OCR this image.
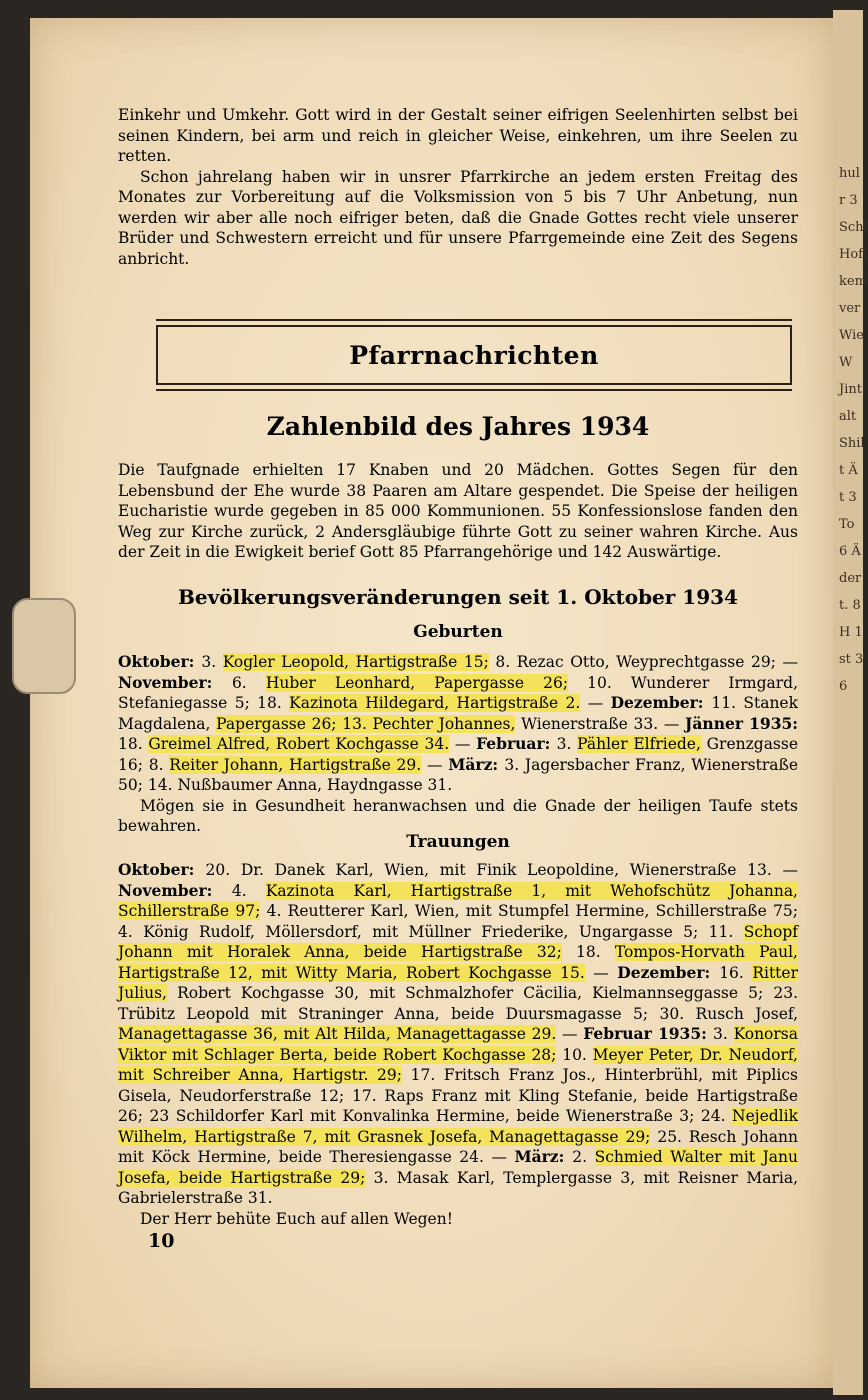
hul
r 3
Schl
Hoff
kem
ver
Wie
W
Jint
alt
Shil
t Ä
t 3
To
6 Ä
der
t. 8
H 1
st 3
6

Einkehr und Umkehr. Gott wird in der Gestalt seiner eifrigen Seelenhirten selbst bei seinen Kindern, bei arm und reich in gleicher Weise, einkehren, um ihre Seelen zu retten.

Schon jahrelang haben wir in unsrer Pfarrkirche an jedem ersten Freitag des Monates zur Vorbereitung auf die Volksmission von 5 bis 7 Uhr Anbetung, nun werden wir aber alle noch eifriger beten, daß die Gnade Gottes recht viele unserer Brüder und Schwestern erreicht und für unsere Pfarrgemeinde eine Zeit des Segens anbricht.

Pfarrnachrichten
Zahlenbild des Jahres 1934
Die Taufgnade erhielten 17 Knaben und 20 Mädchen. Gottes Segen für den Lebensbund der Ehe wurde 38 Paaren am Altare gespendet. Die Speise der heiligen Eucharistie wurde gegeben in 85 000 Kommunionen. 55 Konfessionslose fanden den Weg zur Kirche zurück, 2 Andersgläubige führte Gott zu seiner wahren Kirche. Aus der Zeit in die Ewigkeit berief Gott 85 Pfarrangehörige und 142 Auswärtige.
Bevölkerungsveränderungen seit 1. Oktober 1934
Geburten
Oktober: 3. Kogler Leopold, Hartigstraße 15; 8. Rezac Otto, Weyprechtgasse 29; — November: 6. Huber Leonhard, Papergasse 26; 10. Wunderer Irmgard, Stefaniegasse 5; 18. Kazinota Hildegard, Hartigstraße 2. — Dezember: 11. Stanek Magdalena, Papergasse 26; 13. Pechter Johannes, Wienerstraße 33. — Jänner 1935: 18. Greimel Alfred, Robert Kochgasse 34. — Februar: 3. Pähler Elfriede, Grenzgasse 16; 8. Reiter Johann, Hartigstraße 29. — März: 3. Jagersbacher Franz, Wienerstraße 50; 14. Nußbaumer Anna, Haydngasse 31.

Mögen sie in Gesundheit heranwachsen und die Gnade der heiligen Taufe stets bewahren.

Trauungen
Oktober: 20. Dr. Danek Karl, Wien, mit Finik Leopoldine, Wienerstraße 13. — November: 4. Kazinota Karl, Hartigstraße 1, mit Wehofschütz Johanna, Schillerstraße 97; 4. Reutterer Karl, Wien, mit Stumpfel Hermine, Schillerstraße 75; 4. König Rudolf, Möllersdorf, mit Müllner Friederike, Ungargasse 5; 11. Schopf Johann mit Horalek Anna, beide Hartigstraße 32; 18. Tompos-Horvath Paul, Hartigstraße 12, mit Witty Maria, Robert Kochgasse 15. — Dezember: 16. Ritter Julius, Robert Kochgasse 30, mit Schmalzhofer Cäcilia, Kielmannseggasse 5; 23. Trübitz Leopold mit Straninger Anna, beide Duursmagasse 5; 30. Rusch Josef, Managettagasse 36, mit Alt Hilda, Managettagasse 29. — Februar 1935: 3. Konorsa Viktor mit Schlager Berta, beide Robert Kochgasse 28; 10. Meyer Peter, Dr. Neudorf, mit Schreiber Anna, Hartigstr. 29; 17. Fritsch Franz Jos., Hinterbrühl, mit Piplics Gisela, Neudorferstraße 12; 17. Raps Franz mit Kling Stefanie, beide Hartigstraße 26; 23 Schildorfer Karl mit Konvalinka Hermine, beide Wienerstraße 3; 24. Nejedlik Wilhelm, Hartigstraße 7, mit Grasnek Josefa, Managettagasse 29; 25. Resch Johann mit Köck Hermine, beide Theresiengasse 24. — März: 2. Schmied Walter mit Janu Josefa, beide Hartigstraße 29; 3. Masak Karl, Templergasse 3, mit Reisner Maria, Gabrielerstraße 31.

Der Herr behüte Euch auf allen Wegen!

10
